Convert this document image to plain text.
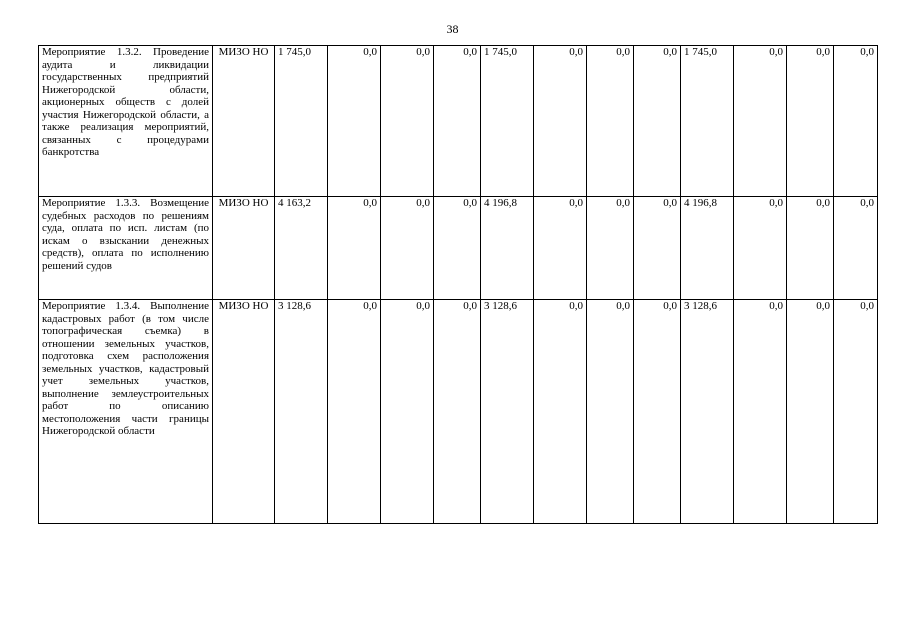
38
Мероприятие 1.3.2. Проведение аудита и ликвидации государственных предприятий Нижегородской области, акционерных обществ с долей участия Нижегородской области, а также реализация мероприятий, связанных с процедурами банкротства	МИЗО НО	1 745,0	0,0	0,0	0,0	1 745,0	0,0	0,0	0,0	1 745,0	0,0	0,0	0,0
Мероприятие 1.3.3. Возмещение судебных расходов по решениям суда, оплата по исп. листам (по искам о взыскании денежных средств), оплата по исполнению решений судов	МИЗО НО	4 163,2	0,0	0,0	0,0	4 196,8	0,0	0,0	0,0	4 196,8	0,0	0,0	0,0
Мероприятие 1.3.4. Выполнение кадастровых работ (в том числе топографическая съемка) в отношении земельных участков, подготовка схем расположения земельных участков, кадастровый учет земельных участков, выполнение землеустроительных работ по описанию местоположения части границы Нижегородской области	МИЗО НО	3 128,6	0,0	0,0	0,0	3 128,6	0,0	0,0	0,0	3 128,6	0,0	0,0	0,0
